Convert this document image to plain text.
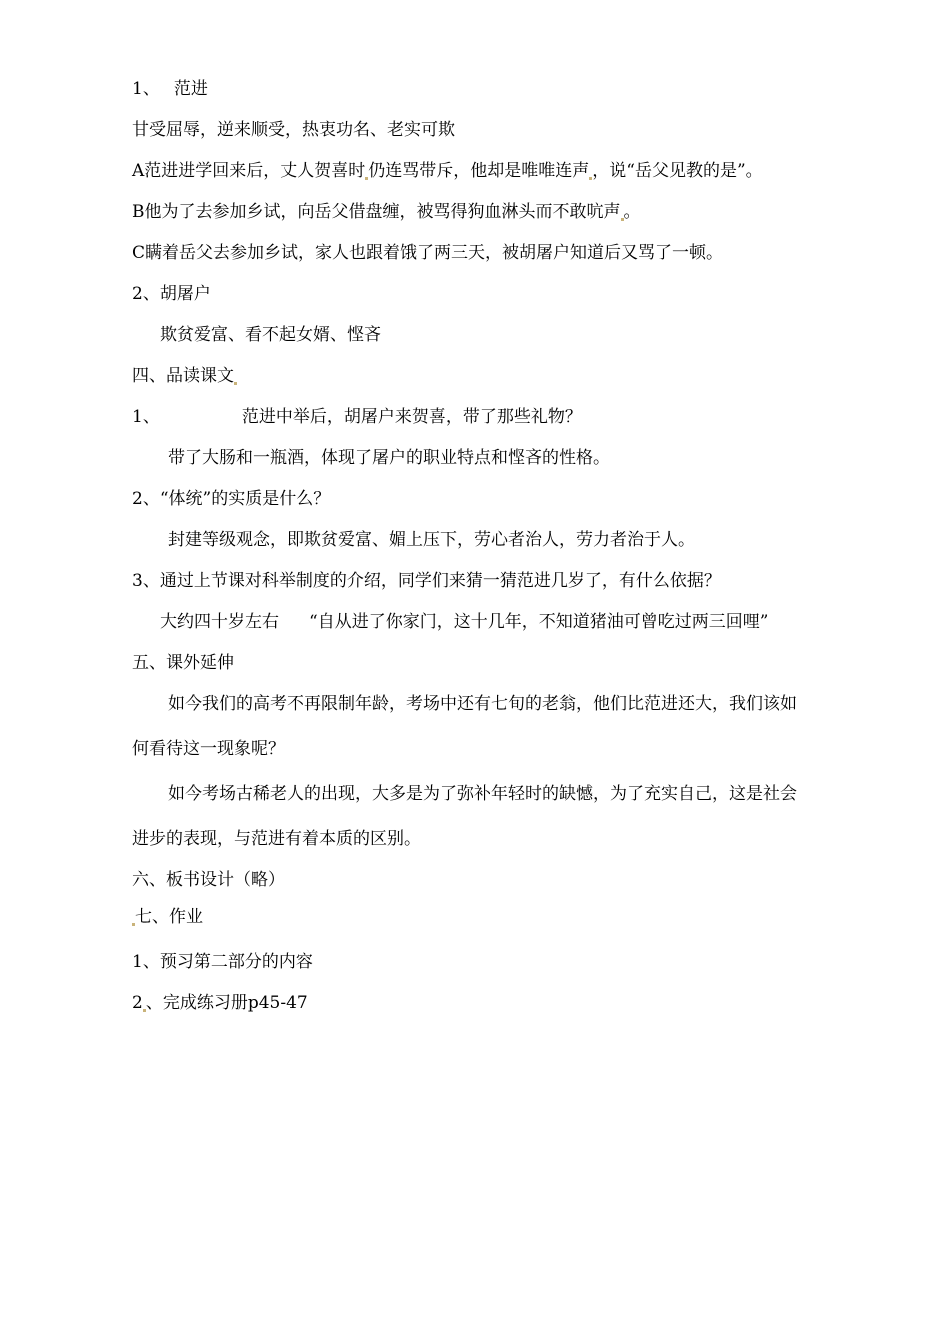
1、 范进
甘受屈辱，逆来顺受，热衷功名、老实可欺
A范进进学回来后，丈人贺喜时 仍连骂带斥，他却是唯唯连声 ，说“岳父见教的是”。
B他为了去参加乡试，向岳父借盘缠，被骂得狗血淋头而不敢吭声 。
C瞒着岳父去参加乡试，家人也跟着饿了两三天，被胡屠户知道后又骂了一顿。
2、胡屠户
欺贫爱富、看不起女婿、悭吝
四、品读课文
1、	范进中举后，胡屠户来贺喜，带了那些礼物？
带了大肠和一瓶酒，体现了屠户的职业特点和悭吝的性格。
2、“体统”的实质是什么？
封建等级观念，即欺贫爱富、媚上压下，劳心者治人，劳力者治于人。
3、通过上节课对科举制度的介绍，同学们来猜一猜范进几岁了，有什么依据？
大约四十岁左右 “自从进了你家门，这十几年，不知道猪油可曾吃过两三回哩”
五、课外延伸
如今我们的高考不再限制年龄，考场中还有七旬的老翁，他们比范进还大，我们该如
何看待这一现象呢？
如今考场古稀老人的出现，大多是为了弥补年轻时的缺憾，为了充实自己，这是社会
进步的表现，与范进有着本质的区别。
六、板书设计（略）
七、作业
1、预习第二部分的内容
2 、完成练习册p45-47
